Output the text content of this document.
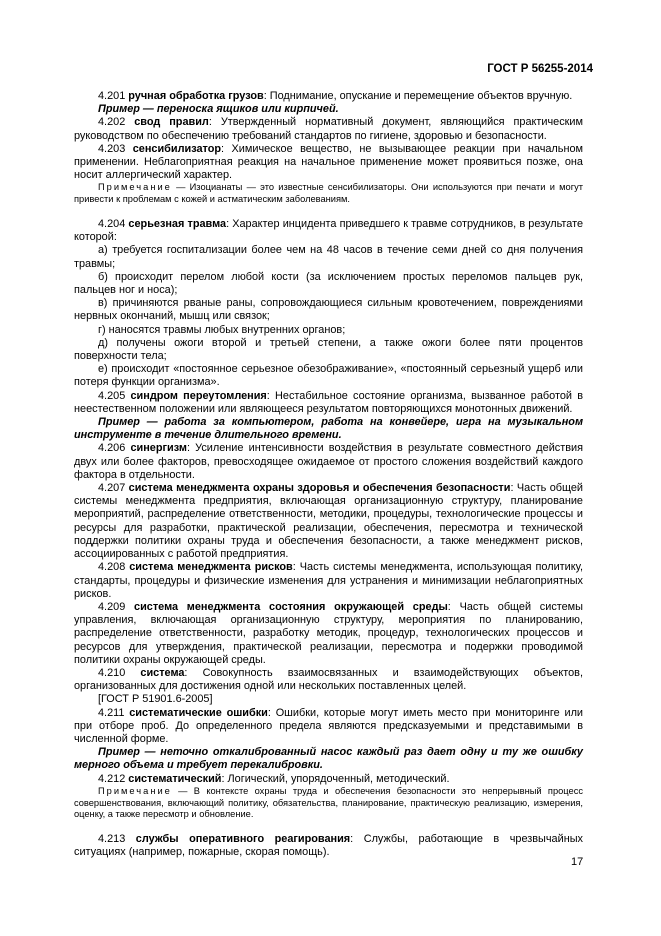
ГОСТ Р 56255-2014

4.201 ручная обработка грузов: Поднимание, опускание и перемещение объектов вручную.

Пример — переноска ящиков или кирпичей.

4.202 свод правил: Утвержденный нормативный документ, являющийся практическим руководством по обеспечению требований стандартов по гигиене, здоровью и безопасности.

4.203 сенсибилизатор: Химическое вещество, не вызывающее реакции при начальном применении. Неблагоприятная реакция на начальное применение может проявиться позже, она носит аллергический характер.

Примечание — Изоцианаты — это известные сенсибилизаторы. Они используются при печати и могут привести к проблемам с кожей и астматическим заболеваниям.

4.204 серьезная травма: Характер инцидента приведшего к травме сотрудников, в результате которой:

а) требуется госпитализации более чем на 48 часов в течение семи дней со дня получения травмы;

б) происходит перелом любой кости (за исключением простых переломов пальцев рук, пальцев ног и носа);

в) причиняются рваные раны, сопровождающиеся сильным кровотечением, повреждениями нервных окончаний, мышц или связок;

г) наносятся травмы любых внутренних органов;

д) получены ожоги второй и третьей степени, а также ожоги более пяти процентов поверхности тела;

е) происходит «постоянное серьезное обезображивание», «постоянный серьезный ущерб или потеря функции организма».

4.205 синдром переутомления: Нестабильное состояние организма, вызванное работой в неестественном положении или являющееся результатом повторяющихся монотонных движений.

Пример — работа за компьютером, работа на конвейере, игра на музыкальном инструменте в течение длительного времени.

4.206 синергизм: Усиление интенсивности воздействия в результате совместного действия двух или более факторов, превосходящее ожидаемое от простого сложения воздействий каждого фактора в отдельности.

4.207 система менеджмента охраны здоровья и обеспечения безопасности: Часть общей системы менеджмента предприятия, включающая организационную структуру, планирование мероприятий, распределение ответственности, методики, процедуры, технологические процессы и ресурсы для разработки, практической реализации, обеспечения, пересмотра и технической поддержки политики охраны труда и обеспечения безопасности, а также менеджмент рисков, ассоциированных с работой предприятия.

4.208 система менеджмента рисков: Часть системы менеджмента, использующая политику, стандарты, процедуры и физические изменения для устранения и минимизации неблагоприятных рисков.

4.209 система менеджмента состояния окружающей среды: Часть общей системы управления, включающая организационную структуру, мероприятия по планированию, распределение ответственности, разработку методик, процедур, технологических процессов и ресурсов для утверждения, практической реализации, пересмотра и подержки проводимой политики охраны окружающей среды.

4.210 система: Совокупность взаимосвязанных и взаимодействующих объектов, организованных для достижения одной или нескольких поставленных целей.

[ГОСТ Р 51901.6-2005]

4.211 систематические ошибки: Ошибки, которые могут иметь место при мониторинге или при отборе проб. До определенного предела являются предсказуемыми и представимыми в численной форме.

Пример — неточно откалиброванный насос каждый раз дает одну и ту же ошибку мерного объема и требует перекалибровки.

4.212 систематический: Логический, упорядоченный, методический.

Примечание — В контексте охраны труда и обеспечения безопасности это непрерывный процесс совершенствования, включающий политику, обязательства, планирование, практическую реализацию, измерения, оценку, а также пересмотр и обновление.

4.213 службы оперативного реагирования: Службы, работающие в чрезвычайных ситуациях (например, пожарные, скорая помощь).

17
